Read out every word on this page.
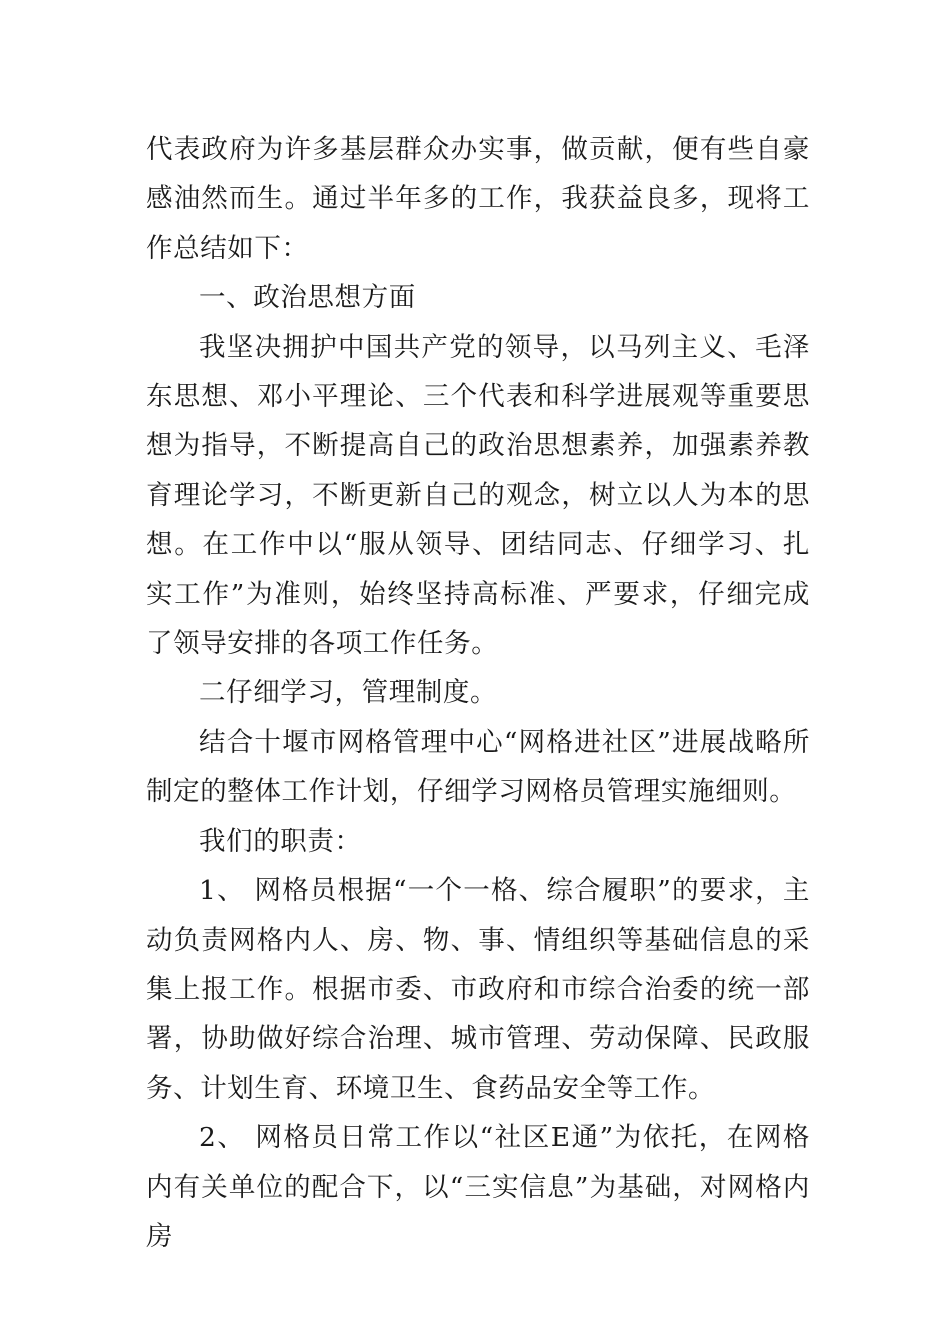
代表政府为许多基层群众办实事，做贡献，便有些自豪感油然而生。通过半年多的工作，我获益良多，现将工作总结如下：

一、政治思想方面

我坚决拥护中国共产党的领导，以马列主义、毛泽东思想、邓小平理论、三个代表和科学进展观等重要思想为指导，不断提高自己的政治思想素养，加强素养教育理论学习，不断更新自己的观念，树立以人为本的思想。在工作中以“服从领导、团结同志、仔细学习、扎实工作”为准则，始终坚持高标准、严要求，仔细完成了领导安排的各项工作任务。

二仔细学习，管理制度。

结合十堰市网格管理中心“网格进社区”进展战略所制定的整体工作计划，仔细学习网格员管理实施细则。

我们的职责：

1、 网格员根据“一个一格、综合履职”的要求，主动负责网格内人、房、物、事、情组织等基础信息的采集上报工作。根据市委、市政府和市综合治委的统一部署，协助做好综合治理、城市管理、劳动保障、民政服务、计划生育、环境卫生、食药品安全等工作。

2、 网格员日常工作以“社区E通”为依托，在网格内有关单位的配合下，以“三实信息”为基础，对网格内房
